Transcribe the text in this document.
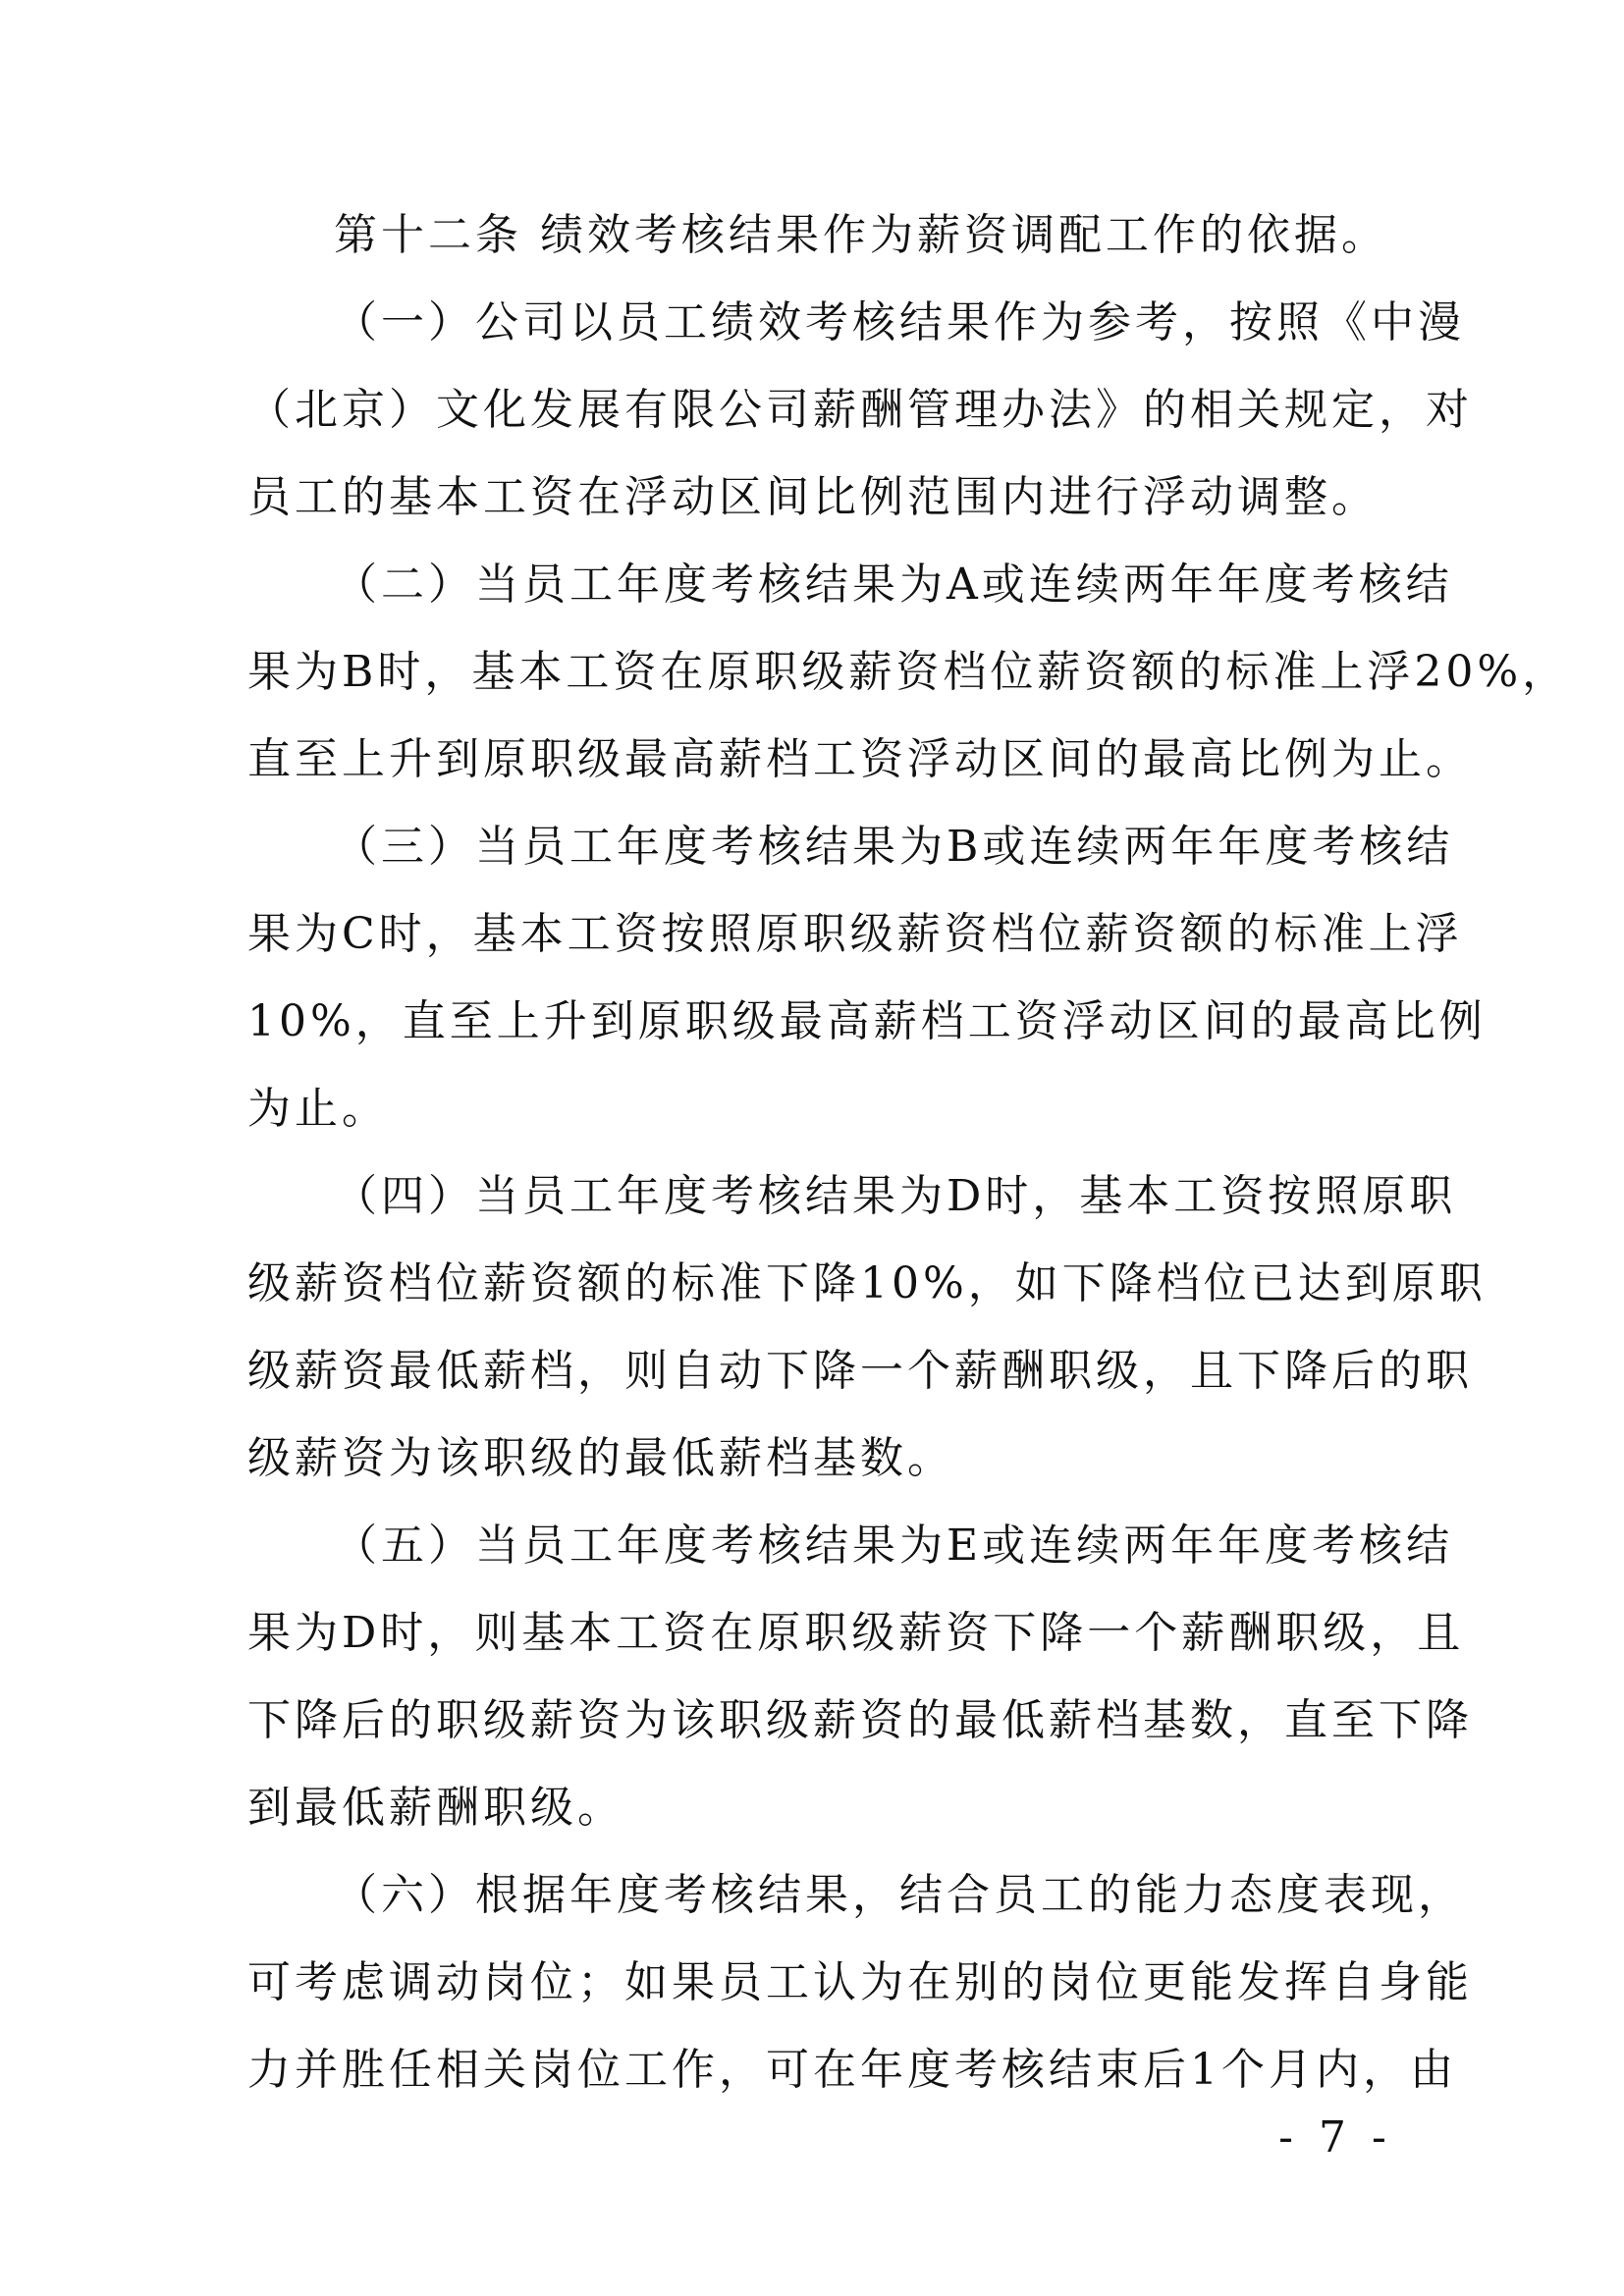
第十二条 绩效考核结果作为薪资调配工作的依据。
（一）公司以员工绩效考核结果作为参考，按照《中漫
（北京）文化发展有限公司薪酬管理办法》的相关规定，对
员工的基本工资在浮动区间比例范围内进行浮动调整。
（二）当员工年度考核结果为A或连续两年年度考核结
果为B时，基本工资在原职级薪资档位薪资额的标准上浮20%，
直至上升到原职级最高薪档工资浮动区间的最高比例为止。
（三）当员工年度考核结果为B或连续两年年度考核结
果为C时，基本工资按照原职级薪资档位薪资额的标准上浮
10%，直至上升到原职级最高薪档工资浮动区间的最高比例
为止。
（四）当员工年度考核结果为D时，基本工资按照原职
级薪资档位薪资额的标准下降10%，如下降档位已达到原职
级薪资最低薪档，则自动下降一个薪酬职级，且下降后的职
级薪资为该职级的最低薪档基数。
（五）当员工年度考核结果为E或连续两年年度考核结
果为D时，则基本工资在原职级薪资下降一个薪酬职级，且
下降后的职级薪资为该职级薪资的最低薪档基数，直至下降
到最低薪酬职级。
（六）根据年度考核结果，结合员工的能力态度表现，
可考虑调动岗位；如果员工认为在别的岗位更能发挥自身能
力并胜任相关岗位工作，可在年度考核结束后1个月内，由
- 7 -
